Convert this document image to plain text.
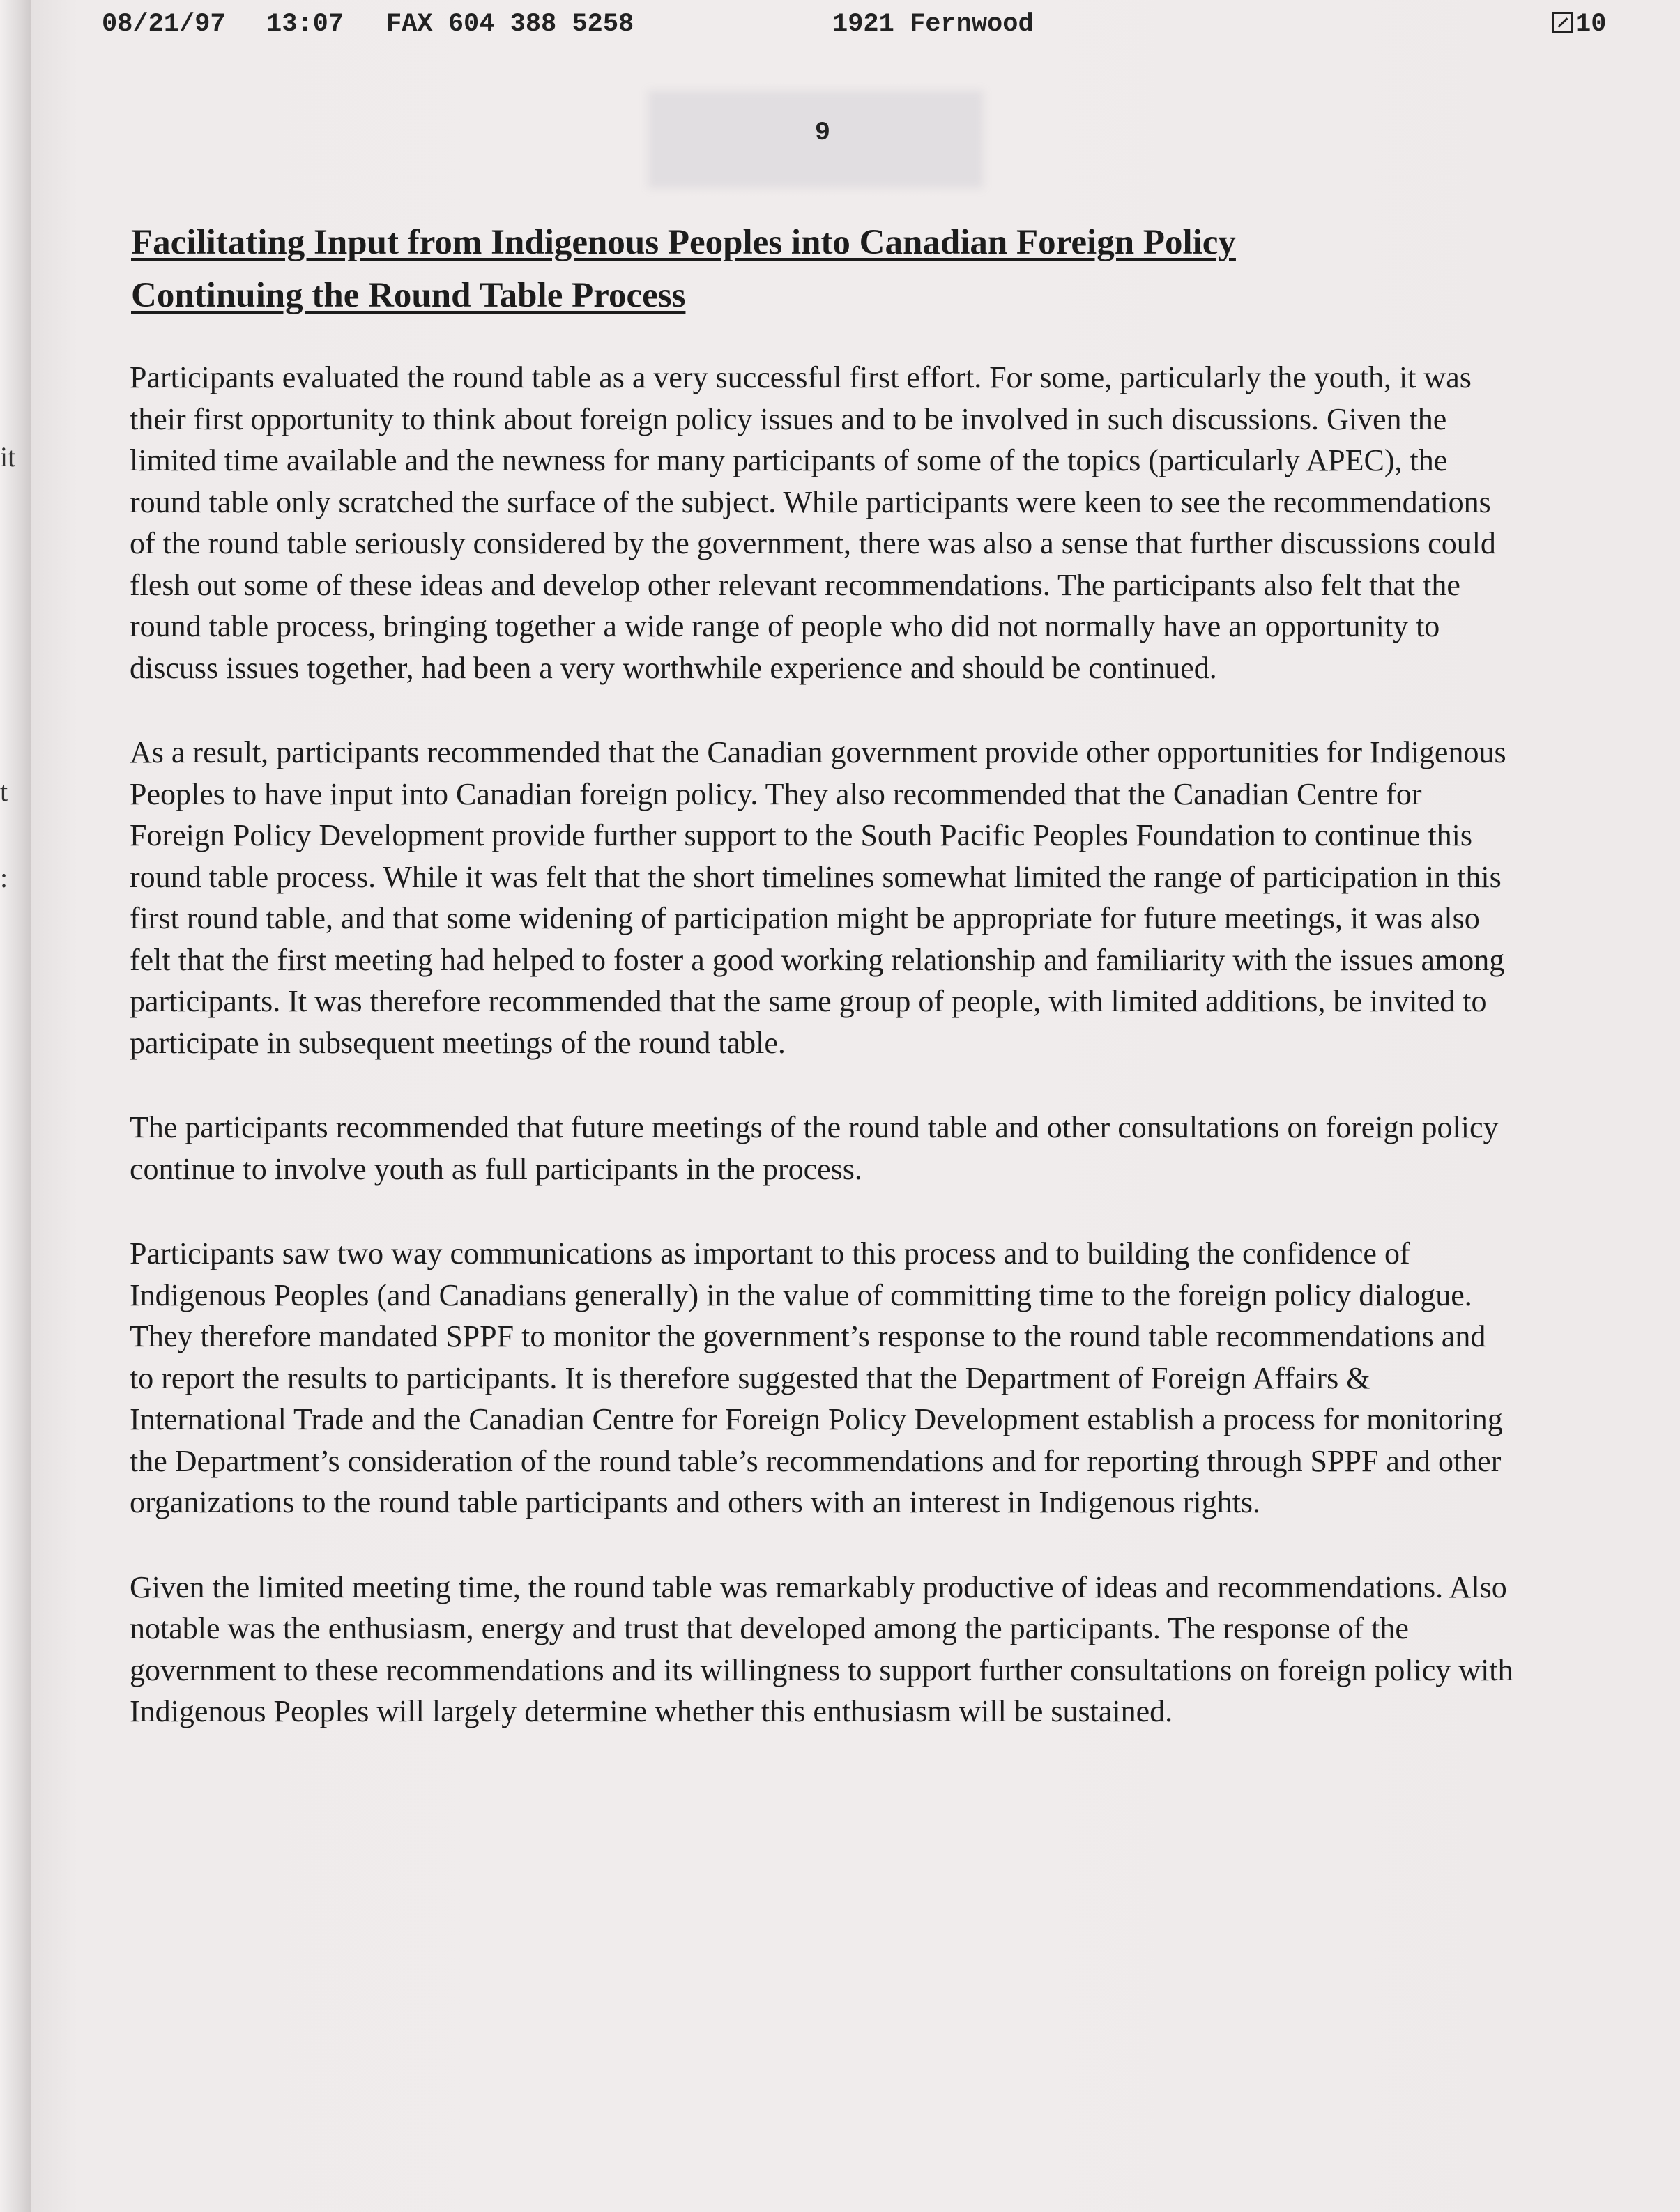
it
t
:
08/21/97 13:07 FAX 604 388 5258	1921 Fernwood	10
9
Facilitating Input from Indigenous Peoples into Canadian Foreign Policy
Continuing the Round Table Process

Participants evaluated the round table as a very successful first effort. For some, particularly the youth, it was their first opportunity to think about foreign policy issues and to be involved in such discussions. Given the limited time available and the newness for many participants of some of the topics (particularly APEC), the round table only scratched the surface of the subject. While participants were keen to see the recommendations of the round table seriously considered by the government, there was also a sense that further discussions could flesh out some of these ideas and develop other relevant recommendations. The participants also felt that the round table process, bringing together a wide range of people who did not normally have an opportunity to discuss issues together, had been a very worthwhile experience and should be continued.

As a result, participants recommended that the Canadian government provide other opportunities for Indigenous Peoples to have input into Canadian foreign policy. They also recommended that the Canadian Centre for Foreign Policy Development provide further support to the South Pacific Peoples Foundation to continue this round table process. While it was felt that the short timelines somewhat limited the range of participation in this first round table, and that some widening of participation might be appropriate for future meetings, it was also felt that the first meeting had helped to foster a good working relationship and familiarity with the issues among participants. It was therefore recommended that the same group of people, with limited additions, be invited to participate in subsequent meetings of the round table.

The participants recommended that future meetings of the round table and other consultations on foreign policy continue to involve youth as full participants in the process.

Participants saw two way communications as important to this process and to building the confidence of Indigenous Peoples (and Canadians generally) in the value of committing time to the foreign policy dialogue. They therefore mandated SPPF to monitor the government’s response to the round table recommendations and to report the results to participants. It is therefore suggested that the Department of Foreign Affairs & International Trade and the Canadian Centre for Foreign Policy Development establish a process for monitoring the Department’s consideration of the round table’s recommendations and for reporting through SPPF and other organizations to the round table participants and others with an interest in Indigenous rights.

Given the limited meeting time, the round table was remarkably productive of ideas and recommendations. Also notable was the enthusiasm, energy and trust that developed among the participants. The response of the government to these recommendations and its willingness to support further consultations on foreign policy with Indigenous Peoples will largely determine whether this enthusiasm will be sustained.
